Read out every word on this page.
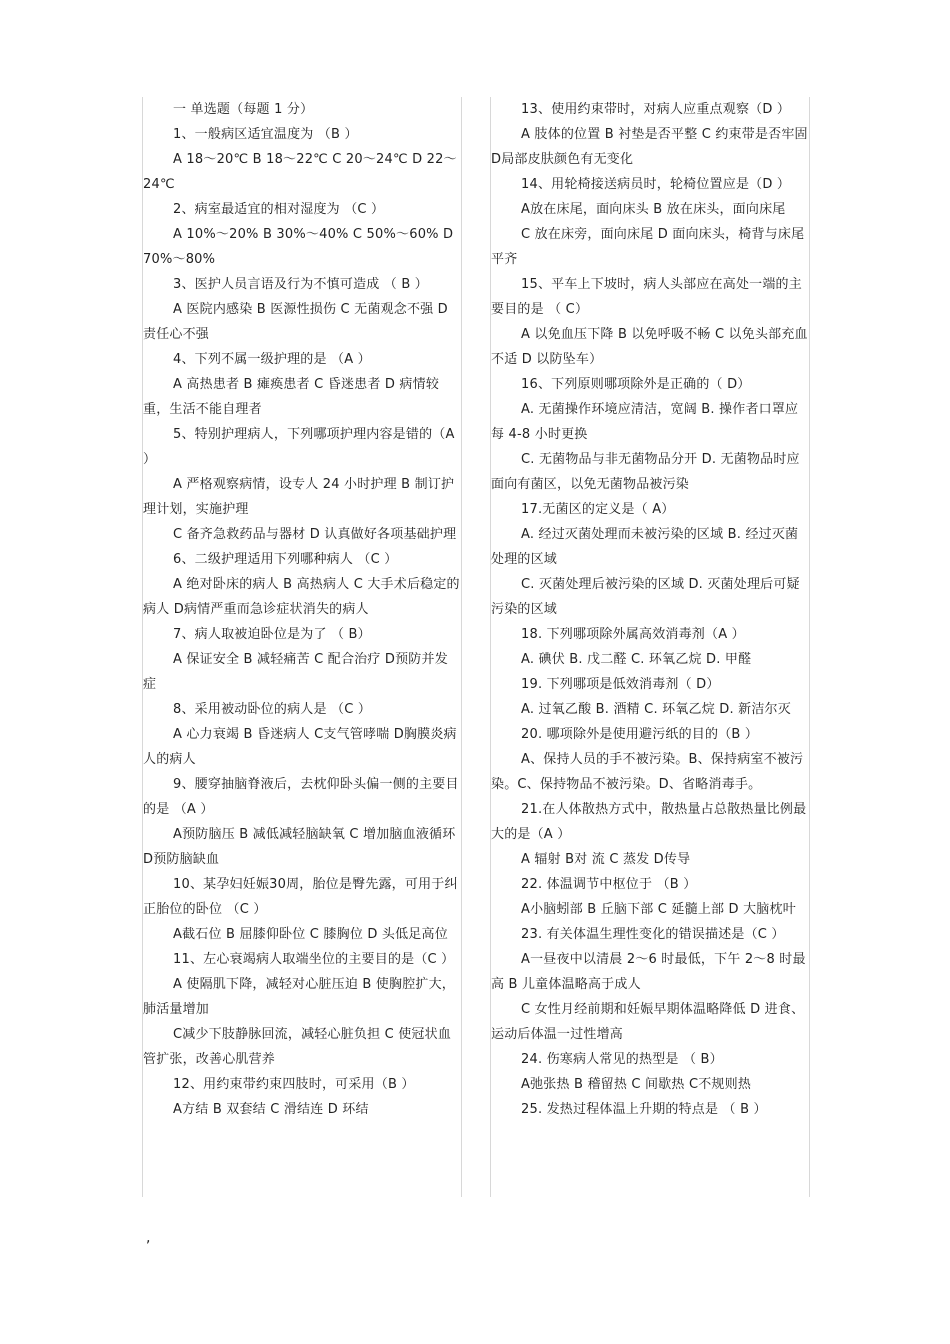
一 单选题（每题 1 分）

1、一般病区适宜温度为 （B ）

A 18～20℃ B 18～22℃ C 20～24℃ D 22～24℃

2、病室最适宜的相对湿度为 （C ）

A 10%～20% B 30%～40% C 50%～60% D 70%～80%

3、医护人员言语及行为不慎可造成 （ B ）

A 医院内感染 B 医源性损伤 C 无菌观念不强 D 责任心不强

4、下列不属一级护理的是 （A ）

A 高热患者 B 瘫痪患者 C 昏迷患者 D 病情较重，生活不能自理者

5、特别护理病人，下列哪项护理内容是错的（A ）

A 严格观察病情，设专人 24 小时护理 B 制订护理计划，实施护理

C 备齐急救药品与器材 D 认真做好各项基础护理

6、二级护理适用下列哪种病人 （C ）

A 绝对卧床的病人 B 高热病人 C 大手术后稳定的病人 D病情严重而急诊症状消失的病人

7、病人取被迫卧位是为了 （ B）

A 保证安全 B 减轻痛苦 C 配合治疗 D预防并发症

8、采用被动卧位的病人是 （C ）

A 心力衰竭 B 昏迷病人 C支气管哮喘 D胸膜炎病人的病人

9、腰穿抽脑脊液后，去枕仰卧头偏一侧的主要目的是 （A ）

A预防脑压 B 减低减轻脑缺氧 C 增加脑血液循环 D预防脑缺血

10、某孕妇妊娠30周，胎位是臀先露，可用于纠正胎位的卧位 （C ）

A截石位 B 屈膝仰卧位 C 膝胸位 D 头低足高位

11、左心衰竭病人取端坐位的主要目的是（C ）

A 使隔肌下降，减轻对心脏压迫 B 使胸腔扩大，肺活量增加

C减少下肢静脉回流，减轻心脏负担 C 使冠状血管扩张，改善心肌营养

12、用约束带约束四肢时，可采用（B ）

A方结 B 双套结 C 滑结连 D 环结

13、使用约束带时，对病人应重点观察（D ）

A 肢体的位置 B 衬垫是否平整 C 约束带是否牢固 D局部皮肤颜色有无变化

14、用轮椅接送病员时，轮椅位置应是（D ）

A放在床尾，面向床头 B 放在床头，面向床尾

C 放在床旁，面向床尾 D 面向床头，椅背与床尾平齐

15、平车上下坡时，病人头部应在高处一端的主要目的是 （ C）

A 以免血压下降 B 以免呼吸不畅 C 以免头部充血不适 D 以防坠车）

16、下列原则哪项除外是正确的（ D）

A. 无菌操作环境应清洁，宽阔 B. 操作者口罩应每 4-8 小时更换

C. 无菌物品与非无菌物品分开 D. 无菌物品时应面向有菌区，以免无菌物品被污染

17.无菌区的定义是（ A）

A. 经过灭菌处理而未被污染的区域 B. 经过灭菌处理的区域

C. 灭菌处理后被污染的区域 D. 灭菌处理后可疑污染的区域

18. 下列哪项除外属高效消毒剂（A ）

A. 碘伏 B. 戊二醛 C. 环氧乙烷 D. 甲醛

19. 下列哪项是低效消毒剂（ D）

A. 过氧乙酸 B. 酒精 C. 环氧乙烷 D. 新洁尔灭

20. 哪项除外是使用避污纸的目的（B ）

A、保持人员的手不被污染。B、保持病室不被污染。C、保持物品不被污染。D、省略消毒手。

21.在人体散热方式中，散热量占总散热量比例最大的是（A ）

A 辐射 B对 流 C 蒸发 D传导

22. 体温调节中枢位于 （B ）

A小脑蚓部 B 丘脑下部 C 延髓上部 D 大脑枕叶

23. 有关体温生理性变化的错误描述是（C ）

A一昼夜中以清晨 2～6 时最低，下午 2～8 时最高 B 儿童体温略高于成人

C 女性月经前期和妊娠早期体温略降低 D 进食、运动后体温一过性增高

24. 伤寒病人常见的热型是 （ B）

A弛张热 B 稽留热 C 间歇热 C不规则热

25. 发热过程体温上升期的特点是 （ B ）

,
